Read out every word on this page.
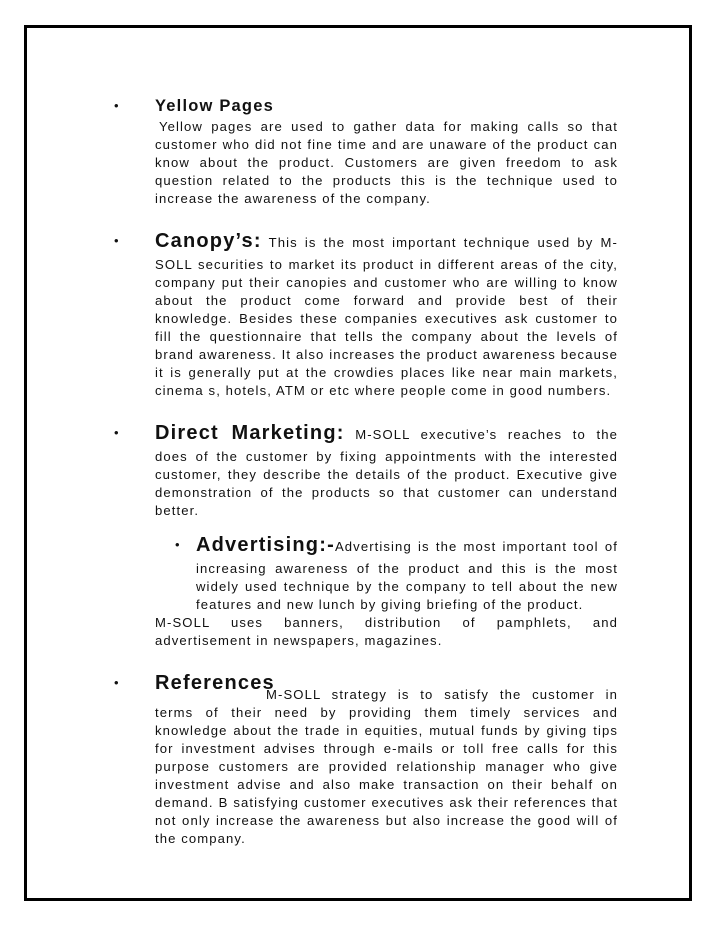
• Yellow Pages
Yellow pages are used to gather data for making calls so that customer who did not fine time and are unaware of the product can know about the product. Customers are given freedom to ask question related to the products this is the technique used to increase the awareness of the company.
• Canopy’s: This is the most important technique used by M-SOLL securities to market its product in different areas of the city, company put their canopies and customer who are willing to know about the product come forward and provide best of their knowledge. Besides these companies executives ask customer to fill the questionnaire that tells the company about the levels of brand awareness. It also increases the product awareness because it is generally put at the crowdies places like near main markets, cinema s, hotels, ATM or etc where people come in good numbers.
• Direct Marketing: M-SOLL executive’s reaches to the does of the customer by fixing appointments with the interested customer, they describe the details of the product. Executive give demonstration of the products so that customer can understand better.
• Advertising:-Advertising is the most important tool of increasing awareness of the product and this is the most widely used technique by the company to tell about the new features and new lunch by giving briefing of the product.
M-SOLL uses banners, distribution of pamphlets, and advertisement in newspapers, magazines.
• References
M-SOLL strategy is to satisfy the customer in terms of their need by providing them timely services and knowledge about the trade in equities, mutual funds by giving tips for investment advises through e-mails or toll free calls for this purpose customers are provided relationship manager who give investment advise and also make transaction on their behalf on demand. B satisfying customer executives ask their references that not only increase the awareness but also increase the good will of the company.
